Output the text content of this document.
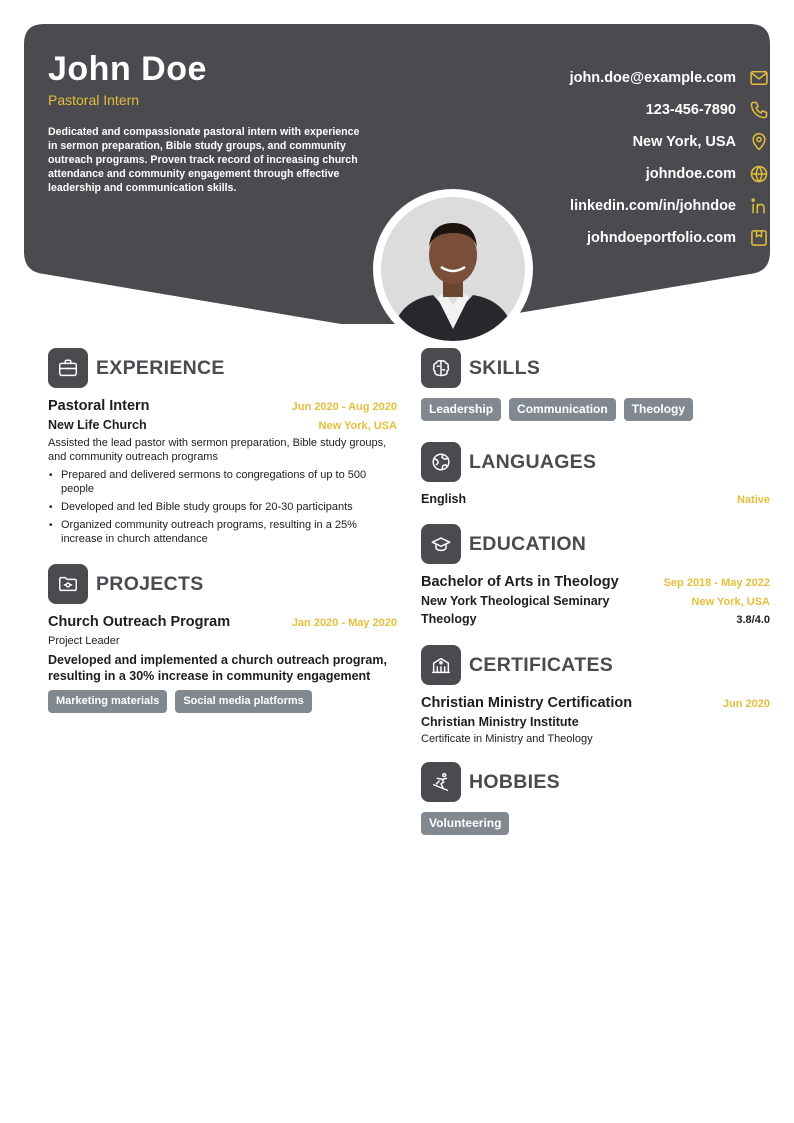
John Doe
Pastoral Intern
Dedicated and compassionate pastoral intern with experience in sermon preparation, Bible study groups, and community outreach programs. Proven track record of increasing church attendance and community engagement through effective leadership and communication skills.
john.doe@example.com
123-456-7890
New York, USA
johndoe.com
linkedin.com/in/johndoe
johndoeportfolio.com
EXPERIENCE
Pastoral Intern	Jun 2020 - Aug 2020
New Life Church	New York, USA
Assisted the lead pastor with sermon preparation, Bible study groups, and community outreach programs
• Prepared and delivered sermons to congregations of up to 500 people
• Developed and led Bible study groups for 20-30 participants
• Organized community outreach programs, resulting in a 25% increase in church attendance
PROJECTS
Church Outreach Program	Jan 2020 - May 2020
Project Leader
Developed and implemented a church outreach program, resulting in a 30% increase in community engagement
Marketing materials	Social media platforms
SKILLS
Leadership	Communication	Theology
LANGUAGES
English	Native
EDUCATION
Bachelor of Arts in Theology	Sep 2018 - May 2022
New York Theological Seminary	New York, USA
Theology	3.8/4.0
CERTIFICATES
Christian Ministry Certification	Jun 2020
Christian Ministry Institute
Certificate in Ministry and Theology
HOBBIES
Volunteering
